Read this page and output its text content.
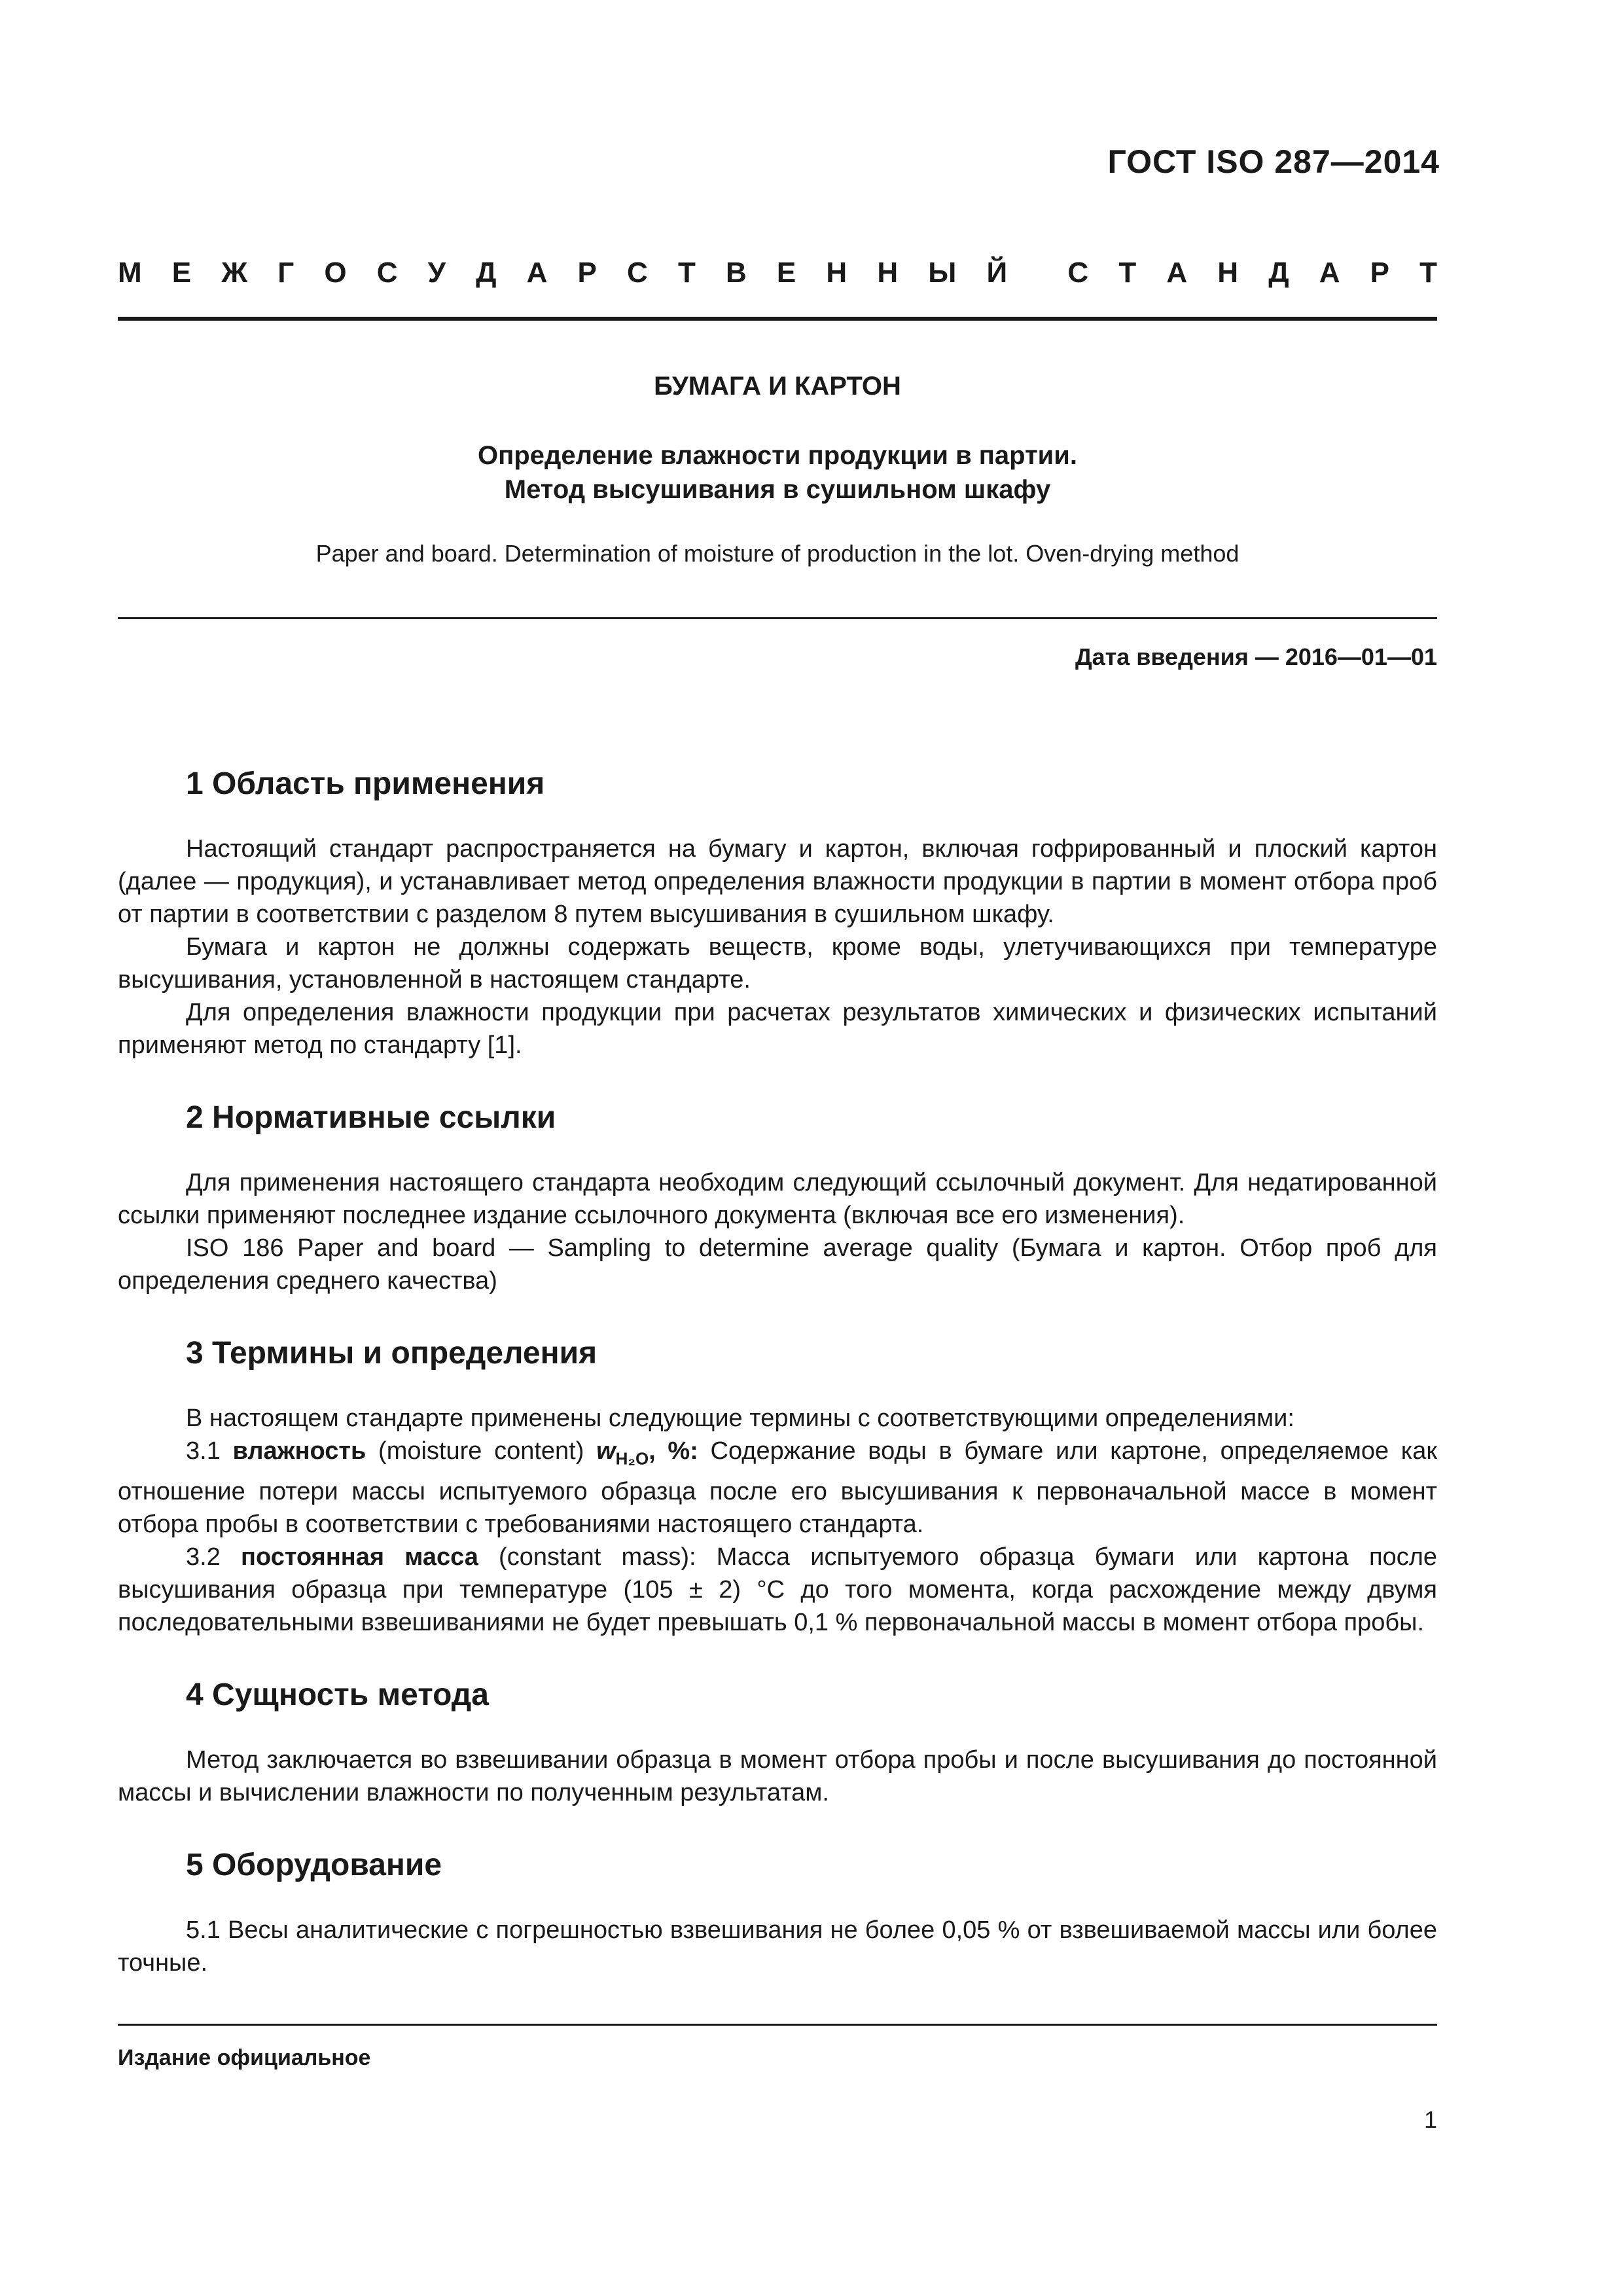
ГОСТ ISO 287—2014
М Е Ж Г О С У Д А Р С Т В Е Н Н Ы Й С Т А Н Д А Р Т
БУМАГА И КАРТОН
Определение влажности продукции в партии.
Метод высушивания в сушильном шкафу
Paper and board. Determination of moisture of production in the lot. Oven-drying method
Дата введения — 2016—01—01
1 Область применения

Настоящий стандарт распространяется на бумагу и картон, включая гофрированный и плоский картон (далее — продукция), и устанавливает метод определения влажности продукции в партии в момент отбора проб от партии в соответствии с разделом 8 путем высушивания в сушильном шкафу.

Бумага и картон не должны содержать веществ, кроме воды, улетучивающихся при температуре высушивания, установленной в настоящем стандарте.

Для определения влажности продукции при расчетах результатов химических и физических испытаний применяют метод по стандарту [1].

2 Нормативные ссылки

Для применения настоящего стандарта необходим следующий ссылочный документ. Для недатированной ссылки применяют последнее издание ссылочного документа (включая все его изменения).

ISO 186 Paper and board — Sampling to determine average quality (Бумага и картон. Отбор проб для определения среднего качества)

3 Термины и определения

В настоящем стандарте применены следующие термины с соответствующими определениями:

3.1 влажность (moisture content) $w_{H_2O}$, %: Содержание воды в бумаге или картоне, определяемое как отношение потери массы испытуемого образца после его высушивания к первоначальной массе в момент отбора пробы в соответствии с требованиями настоящего стандарта.

3.2 постоянная масса (constant mass): Масса испытуемого образца бумаги или картона после высушивания образца при температуре (105 ± 2) °С до того момента, когда расхождение между двумя последовательными взвешиваниями не будет превышать 0,1 % первоначальной массы в момент отбора пробы.

4 Сущность метода

Метод заключается во взвешивании образца в момент отбора пробы и после высушивания до постоянной массы и вычислении влажности по полученным результатам.

5 Оборудование

5.1 Весы аналитические с погрешностью взвешивания не более 0,05 % от взвешиваемой массы или более точные.

Издание официальное
1
